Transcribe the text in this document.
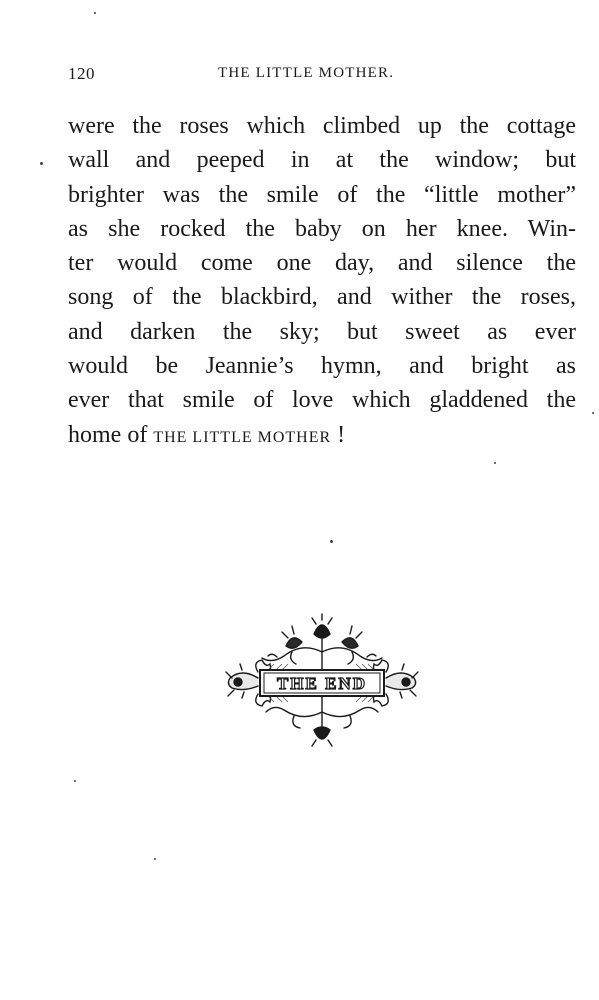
120	THE LITTLE MOTHER.
were the roses which climbed up the cottage
wall and peeped in at the window; but
brighter was the smile of the “little mother”
as she rocked the baby on her knee. Win-
ter would come one day, and silence the
song of the blackbird, and wither the roses,
and darken the sky; but sweet as ever
would be Jeannie’s hymn, and bright as
ever that smile of love which gladdened the
home of THE LITTLE MOTHER !
THE END
